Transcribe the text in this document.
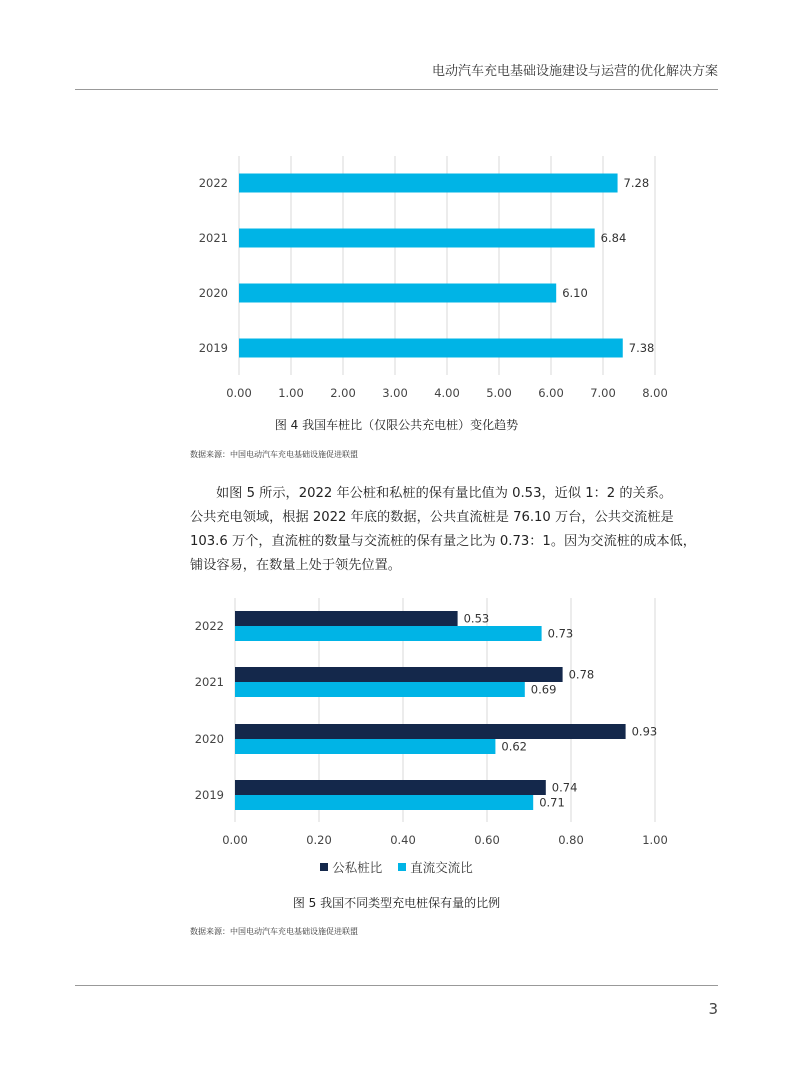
电动汽车充电基础设施建设与运营的优化解决方案
0.00 1.00 2.00 3.00 4.00 5.00 6.00 7.00 8.00
2022	7.28
2021	6.84
2020	6.10
2019	7.38
图 4 我国车桩比（仅限公共充电桩）变化趋势
数据来源：中国电动汽车充电基础设施促进联盟

如图 5 所示，2022 年公桩和私桩的保有量比值为 0.53，近似 1：2 的关系。
公共充电领域，根据 2022 年底的数据，公共直流桩是 76.10 万台，公共交流桩是
103.6 万个，直流桩的数量与交流桩的保有量之比为 0.73：1。因为交流桩的成本低，
铺设容易，在数量上处于领先位置。

0.00	0.20	0.40	0.60	0.80	1.00
2022
0.53
0.73
2021
0.78
0.69
2020
0.93
0.62
2019
0.74
0.71
公私桩比
直流交流比
图 5 我国不同类型充电桩保有量的比例
数据来源：中国电动汽车充电基础设施促进联盟
3
